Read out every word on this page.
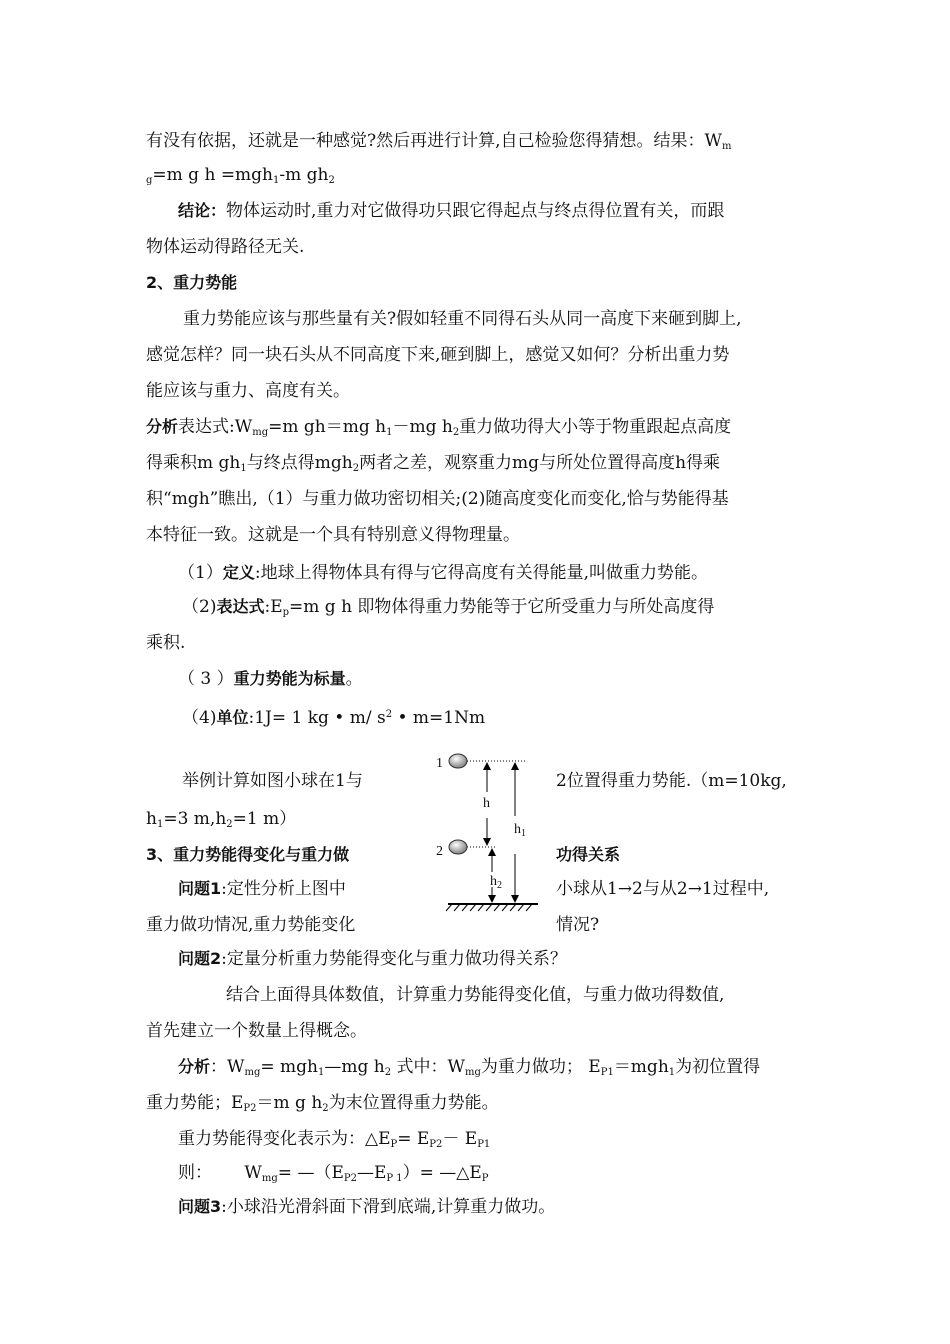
有没有依据，还就是一种感觉?然后再进行计算,自己检验您得猜想。结果：$W_m$
$_g$=m g h =mgh$_1$-m $gh_2$
结论：物体运动时,重力对它做得功只跟它得起点与终点得位置有关，而跟
物体运动得路径无关.
2、重力势能
重力势能应该与那些量有关?假如轻重不同得石头从同一高度下来砸到脚上,
感觉怎样？同一块石头从不同高度下来,砸到脚上，感觉又如何？分析出重力势
能应该与重力、高度有关。
分析表达式$:W_{mg}=m$ gh＝mg $h_1-mg$ $h_2$重力做功得大小等于物重跟起点高度
得乘积m $gh_1$与终点得mgh$_2$两者之差，观察重力mg与所处位置得高度h得乘
积“mgh”瞧出,（1）与重力做功密切相关;(2)随高度变化而变化,恰与势能得基
本特征一致。这就是一个具有特别意义得物理量。
（1）定义:地球上得物体具有得与它得高度有关得能量,叫做重力势能。
（2)表达式$:E_p=m$ g h 即物体得重力势能等于它所受重力与所处高度得
乘积.
（ 3 ）重力势能为标量。
（4)单位:1J= 1 kg • m/ $s^2$ • m=1Nm
举例计算如图小球在1与	2位置得重力势能.（m=10kg,
$h_1=3$ $m,h_2=1$ m）
3、重力势能得变化与重力做	功得关系
问题1:定性分析上图中	小球从1→2与从2→1过程中,
重力做功情况,重力势能变化	情况?
问题2:定量分析重力势能得变化与重力做功得关系？
结合上面得具体数值，计算重力势能得变化值，与重力做功得数值,
首先建立一个数量上得概念。
分析：$W_{mg}=$ mgh$_1$—mg $h_2$ 式中：$W_{mg}$为重力做功； $E_{P1}=mgh_1$为初位置得
重力势能；$E_{P2}=m$ g $h_2$为末位置得重力势能。
重力势能得变化表示为：$\triangle E_P= E_{P2}- E_{P1}$
则：      $W_{mg}=$ $—(E_{P2}—E_{P 1})=$ $—\triangle E_P$
问题3:小球沿光滑斜面下滑到底端,计算重力做功。
1
2
h
$h_1$
$h_2$
